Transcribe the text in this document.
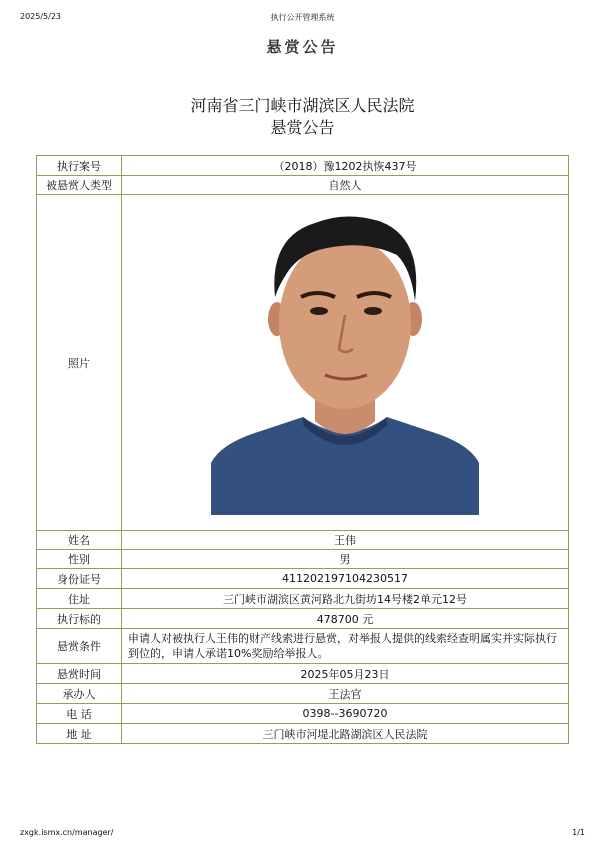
2025/5/23	执行公开管理系统
悬赏公告
河南省三门峡市湖滨区人民法院
悬赏公告
执行案号	（2018）豫1202执恢437号
被悬赏人类型	自然人
照片	

姓名	王伟
性别	男
身份证号	411202197104230517
住址	三门峡市湖滨区黄河路北九街坊14号楼2单元12号
执行标的	478700 元
悬赏条件	申请人对被执行人王伟的财产线索进行悬赏，对举报人提供的线索经查明属实并实际执行到位的，申请人承诺10%奖励给举报人。
悬赏时间	2025年05月23日
承办人	王法官
电 话	0398--3690720
地 址	三门峡市河堤北路湖滨区人民法院
zxgk.ismx.cn/manager/	1/1
